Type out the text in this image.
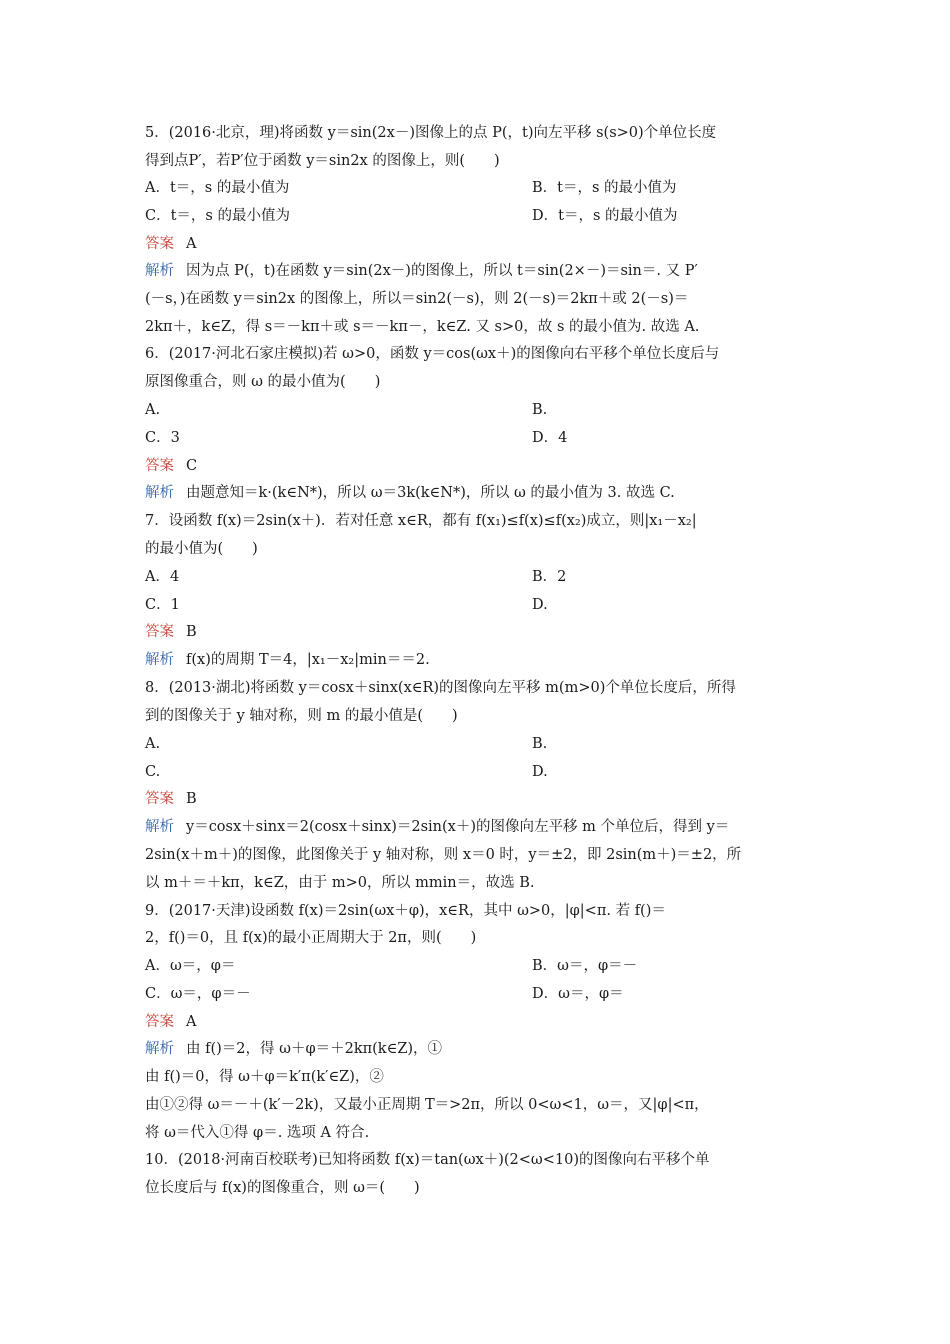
5．(2016·北京，理)将函数 y＝sin(2x－)图像上的点 P(，t)向左平移 s(s>0)个单位长度
得到点P′，若P′位于函数 y＝sin2x 的图像上，则(　　)
A．t＝，s 的最小值为	B．t＝，s 的最小值为
C．t＝，s 的最小值为	D．t＝，s 的最小值为
答案 A
解析 因为点 P(，t)在函数 y＝sin(2x－)的图像上，所以 t＝sin(2×－)＝sin＝. 又 P′
(－s，)在函数 y＝sin2x 的图像上，所以＝sin2(－s)，则 2(－s)＝2kπ＋或 2(－s)＝
2kπ＋，k∈Z，得 s＝－kπ＋或 s＝－kπ－，k∈Z. 又 s>0，故 s 的最小值为. 故选 A.
6．(2017·河北石家庄模拟)若 ω>0，函数 y＝cos(ωx＋)的图像向右平移个单位长度后与
原图像重合，则 ω 的最小值为(　　)
A.	B.
C．3	D．4
答案 C
解析 由题意知＝k·(k∈N*)，所以 ω＝3k(k∈N*)，所以 ω 的最小值为 3. 故选 C.
7．设函数 f(x)＝2sin(x＋)．若对任意 x∈R，都有 f(x₁)≤f(x)≤f(x₂)成立，则|x₁－x₂|
的最小值为(　　)
A．4	B．2
C．1	D.
答案 B
解析 f(x)的周期 T＝4，|x₁－x₂|min＝＝2.
8．(2013·湖北)将函数 y＝cosx＋sinx(x∈R)的图像向左平移 m(m>0)个单位长度后，所得
到的图像关于 y 轴对称，则 m 的最小值是(　　)
A.	B.
C.	D.
答案 B
解析 y＝cosx＋sinx＝2(cosx＋sinx)＝2sin(x＋)的图像向左平移 m 个单位后，得到 y＝
2sin(x＋m＋)的图像，此图像关于 y 轴对称，则 x＝0 时，y＝±2，即 2sin(m＋)＝±2，所
以 m＋＝＋kπ，k∈Z，由于 m>0，所以 mmin＝，故选 B.
9．(2017·天津)设函数 f(x)＝2sin(ωx＋φ)，x∈R，其中 ω>0，|φ|<π. 若 f()＝
2，f()＝0，且 f(x)的最小正周期大于 2π，则(　　)
A．ω＝，φ＝	B．ω＝，φ＝－
C．ω＝，φ＝－	D．ω＝，φ＝
答案 A
解析 由 f()＝2，得 ω＋φ＝＋2kπ(k∈Z)，①
由 f()＝0，得 ω＋φ＝k′π(k′∈Z)，②
由①②得 ω＝－＋(k′－2k)，又最小正周期 T＝>2π，所以 0<ω<1，ω＝，又|φ|<π，
将 ω＝代入①得 φ＝. 选项 A 符合.
10．(2018·河南百校联考)已知将函数 f(x)＝tan(ωx＋)(2<ω<10)的图像向右平移个单
位长度后与 f(x)的图像重合，则 ω＝(　　)
